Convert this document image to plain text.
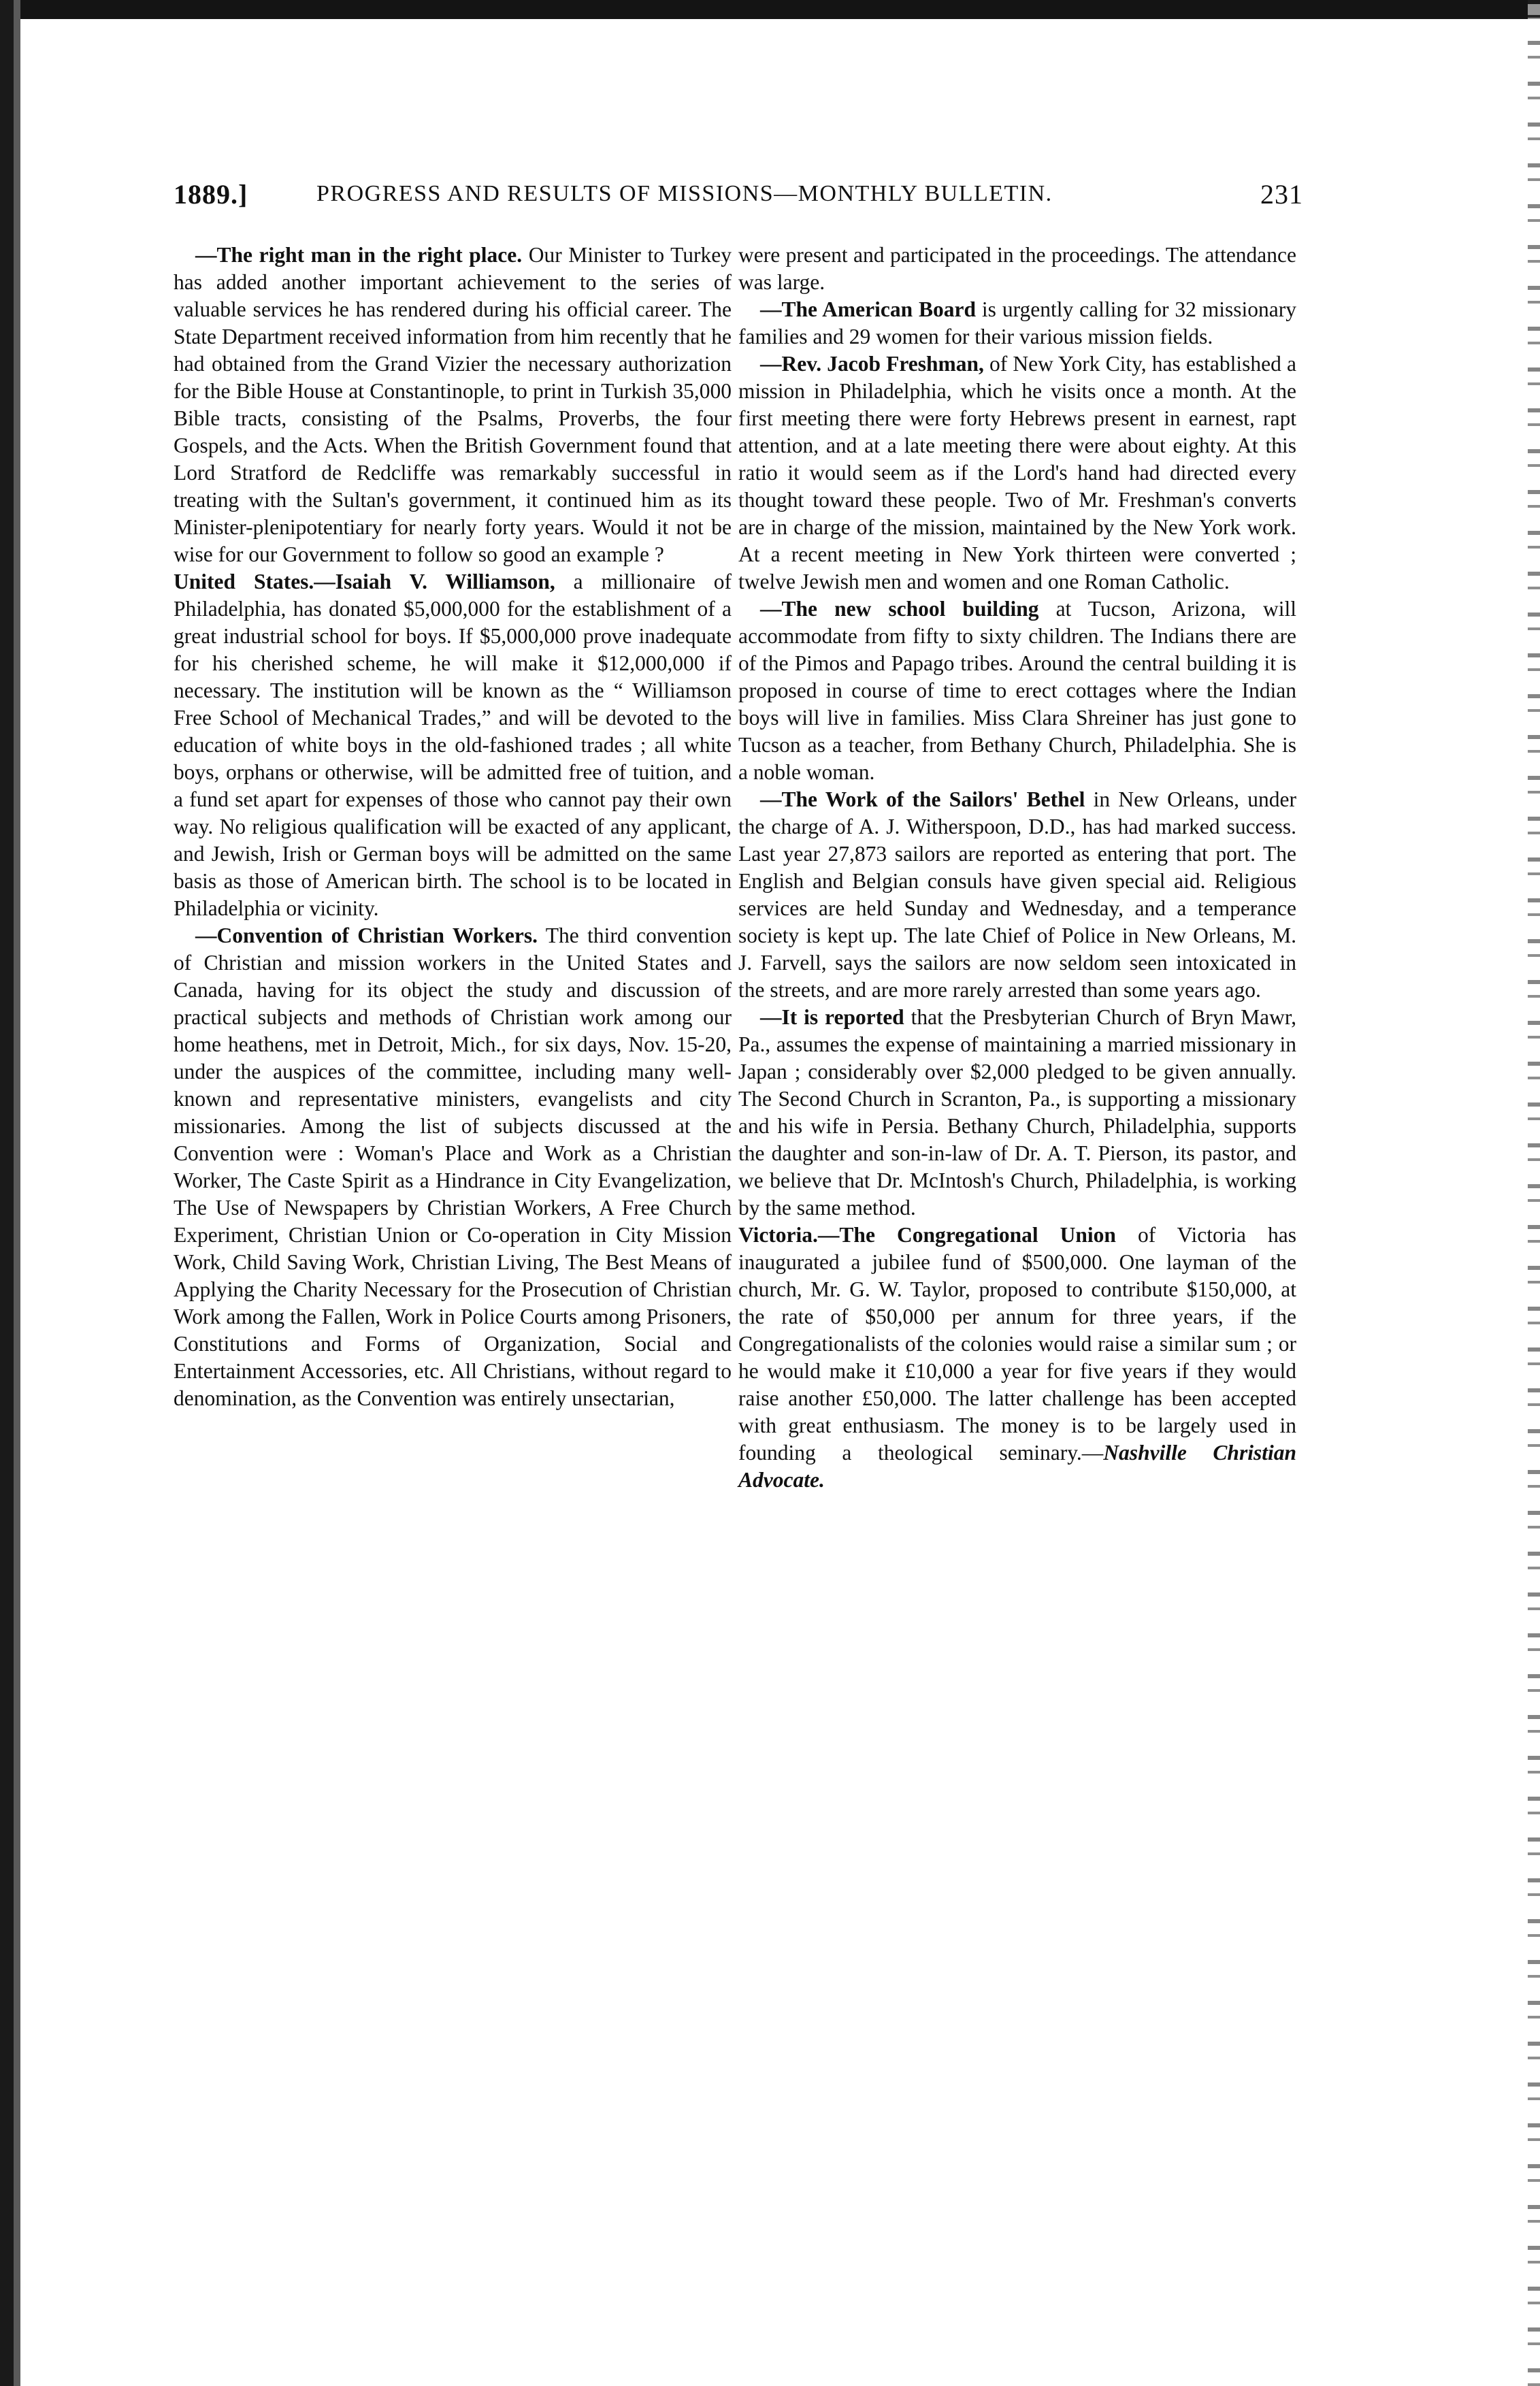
1889.]	PROGRESS AND RESULTS OF MISSIONS—MONTHLY BULLETIN.	231

—The right man in the right place. Our Minister to Turkey has added another important achievement to the series of valuable services he has rendered during his official career. The State Department received information from him recently that he had obtained from the Grand Vizier the necessary authorization for the Bible House at Constantinople, to print in Turkish 35,000 Bible tracts, consisting of the Psalms, Proverbs, the four Gospels, and the Acts. When the British Government found that Lord Stratford de Redcliffe was remarkably successful in treating with the Sultan's government, it continued him as its Minister-plenipotentiary for nearly forty years. Would it not be wise for our Government to follow so good an example ?

United States.—Isaiah V. Williamson, a millionaire of Philadelphia, has donated $5,000,000 for the establishment of a great industrial school for boys. If $5,000,000 prove inadequate for his cherished scheme, he will make it $12,000,000 if necessary. The institution will be known as the “ Williamson Free School of Mechanical Trades,” and will be devoted to the education of white boys in the old-fashioned trades ; all white boys, orphans or otherwise, will be admitted free of tuition, and a fund set apart for expenses of those who cannot pay their own way. No religious qualification will be exacted of any applicant, and Jewish, Irish or German boys will be admitted on the same basis as those of American birth. The school is to be located in Philadelphia or vicinity.

—Convention of Christian Workers. The third convention of Christian and mission workers in the United States and Canada, having for its object the study and discussion of practical subjects and methods of Christian work among our home heathens, met in Detroit, Mich., for six days, Nov. 15-20, under the auspices of the committee, including many well-known and representative ministers, evangelists and city missionaries. Among the list of subjects discussed at the Convention were : Woman's Place and Work as a Christian Worker, The Caste Spirit as a Hindrance in City Evangelization, The Use of Newspapers by Christian Workers, A Free Church Experiment, Christian Union or Co-operation in City Mission Work, Child Saving Work, Christian Living, The Best Means of Applying the Charity Necessary for the Prosecution of Christian Work among the Fallen, Work in Police Courts among Prisoners, Constitutions and Forms of Organization, Social and Entertainment Accessories, etc. All Christians, without regard to denomination, as the Convention was entirely unsectarian,

were present and participated in the proceedings. The attendance was large.

—The American Board is urgently calling for 32 missionary families and 29 women for their various mission fields.

—Rev. Jacob Freshman, of New York City, has established a mission in Philadelphia, which he visits once a month. At the first meeting there were forty Hebrews present in earnest, rapt attention, and at a late meeting there were about eighty. At this ratio it would seem as if the Lord's hand had directed every thought toward these people. Two of Mr. Freshman's converts are in charge of the mission, maintained by the New York work. At a recent meeting in New York thirteen were converted ; twelve Jewish men and women and one Roman Catholic.

—The new school building at Tucson, Arizona, will accommodate from fifty to sixty children. The Indians there are of the Pimos and Papago tribes. Around the central building it is proposed in course of time to erect cottages where the Indian boys will live in families. Miss Clara Shreiner has just gone to Tucson as a teacher, from Bethany Church, Philadelphia. She is a noble woman.

—The Work of the Sailors' Bethel in New Orleans, under the charge of A. J. Witherspoon, D.D., has had marked success. Last year 27,873 sailors are reported as entering that port. The English and Belgian consuls have given special aid. Religious services are held Sunday and Wednesday, and a temperance society is kept up. The late Chief of Police in New Orleans, M. J. Farvell, says the sailors are now seldom seen intoxicated in the streets, and are more rarely arrested than some years ago.

—It is reported that the Presbyterian Church of Bryn Mawr, Pa., assumes the expense of maintaining a married missionary in Japan ; considerably over $2,000 pledged to be given annually. The Second Church in Scranton, Pa., is supporting a missionary and his wife in Persia. Bethany Church, Philadelphia, supports the daughter and son-in-law of Dr. A. T. Pierson, its pastor, and we believe that Dr. McIntosh's Church, Philadelphia, is working by the same method.

Victoria.—The Congregational Union of Victoria has inaugurated a jubilee fund of $500,000. One layman of the church, Mr. G. W. Taylor, proposed to contribute $150,000, at the rate of $50,000 per annum for three years, if the Congregationalists of the colonies would raise a similar sum ; or he would make it £10,000 a year for five years if they would raise another £50,000. The latter challenge has been accepted with great enthusiasm. The money is to be largely used in founding a theological seminary.—Nashville Christian Advocate.
